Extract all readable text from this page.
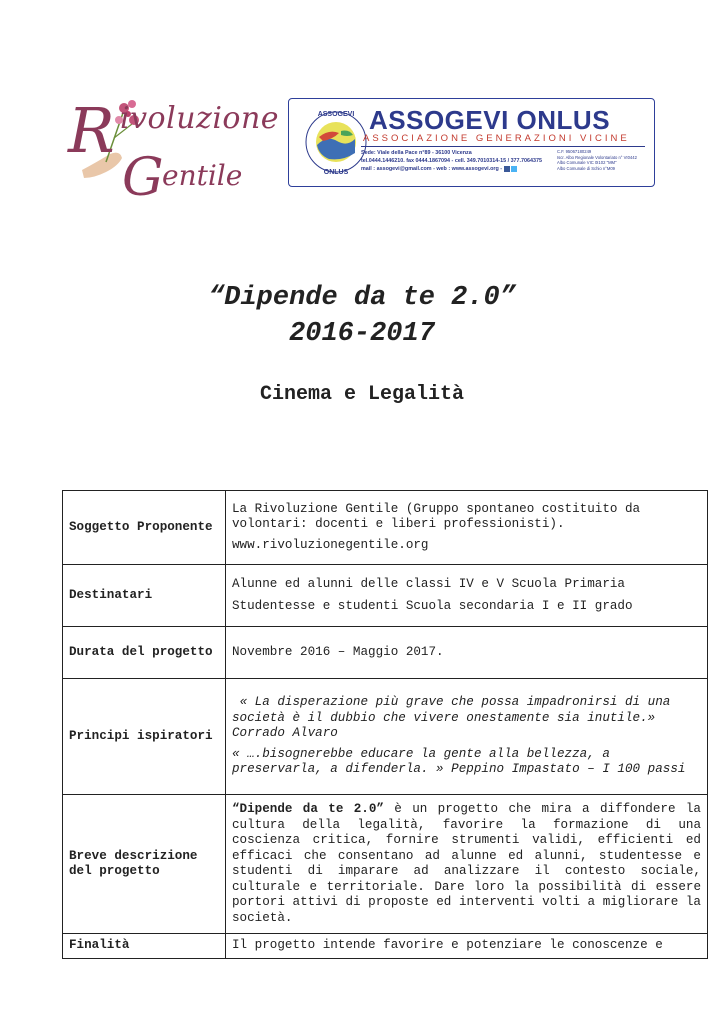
R ivoluzione
G
entile
ASSOGEVI
ONLUS
ASSOGEVI ONLUS
ASSOCIAZIONE GENERAZIONI VICINE
Sede: Viale della Pace n°89 - 36100 Vicenza
tel.0444.1446210. fax 0444.1867094 - cell. 349.7010314-15 / 377.7064375
mail : assogevi@gmail.com - web : www.assogevi.org -
C.F. 95067180249
Iscr. Albo Regionale Volontariato n° VI0442
Albo Comunale VIC 0I102 "MM"
Albo Comunale di Schio n°M09
“Dipende da te 2.0”
2016-2017
Cinema e Legalità
Soggetto Proponente	La Rivoluzione Gentile (Gruppo spontaneo costituito da volontari: docenti e liberi professionisti).

www.rivoluzionegentile.org

Destinatari	Alunne ed alunni delle classi IV e V Scuola Primaria

Studentesse e studenti Scuola secondaria I e II grado

Durata del progetto	Novembre 2016 – Maggio 2017.
Principi ispiratori	« La disperazione più grave che possa impadronirsi di una società è il dubbio che vivere onestamente sia inutile.»  Corrado Alvaro

« ….bisognerebbe educare la gente alla bellezza, a preservarla, a difenderla. » Peppino Impastato – I 100 passi

Breve descrizione del progetto	“Dipende da te 2.0” è un progetto che mira a diffondere la cultura della legalità, favorire la formazione di una coscienza critica, fornire strumenti validi, efficienti ed efficaci che consentano ad alunne ed alunni, studentesse e studenti di imparare ad analizzare il contesto sociale, culturale e territoriale. Dare loro la possibilità di essere portori attivi di proposte ed interventi volti a migliorare la società.
Finalità	Il progetto intende favorire e potenziare le conoscenze e
